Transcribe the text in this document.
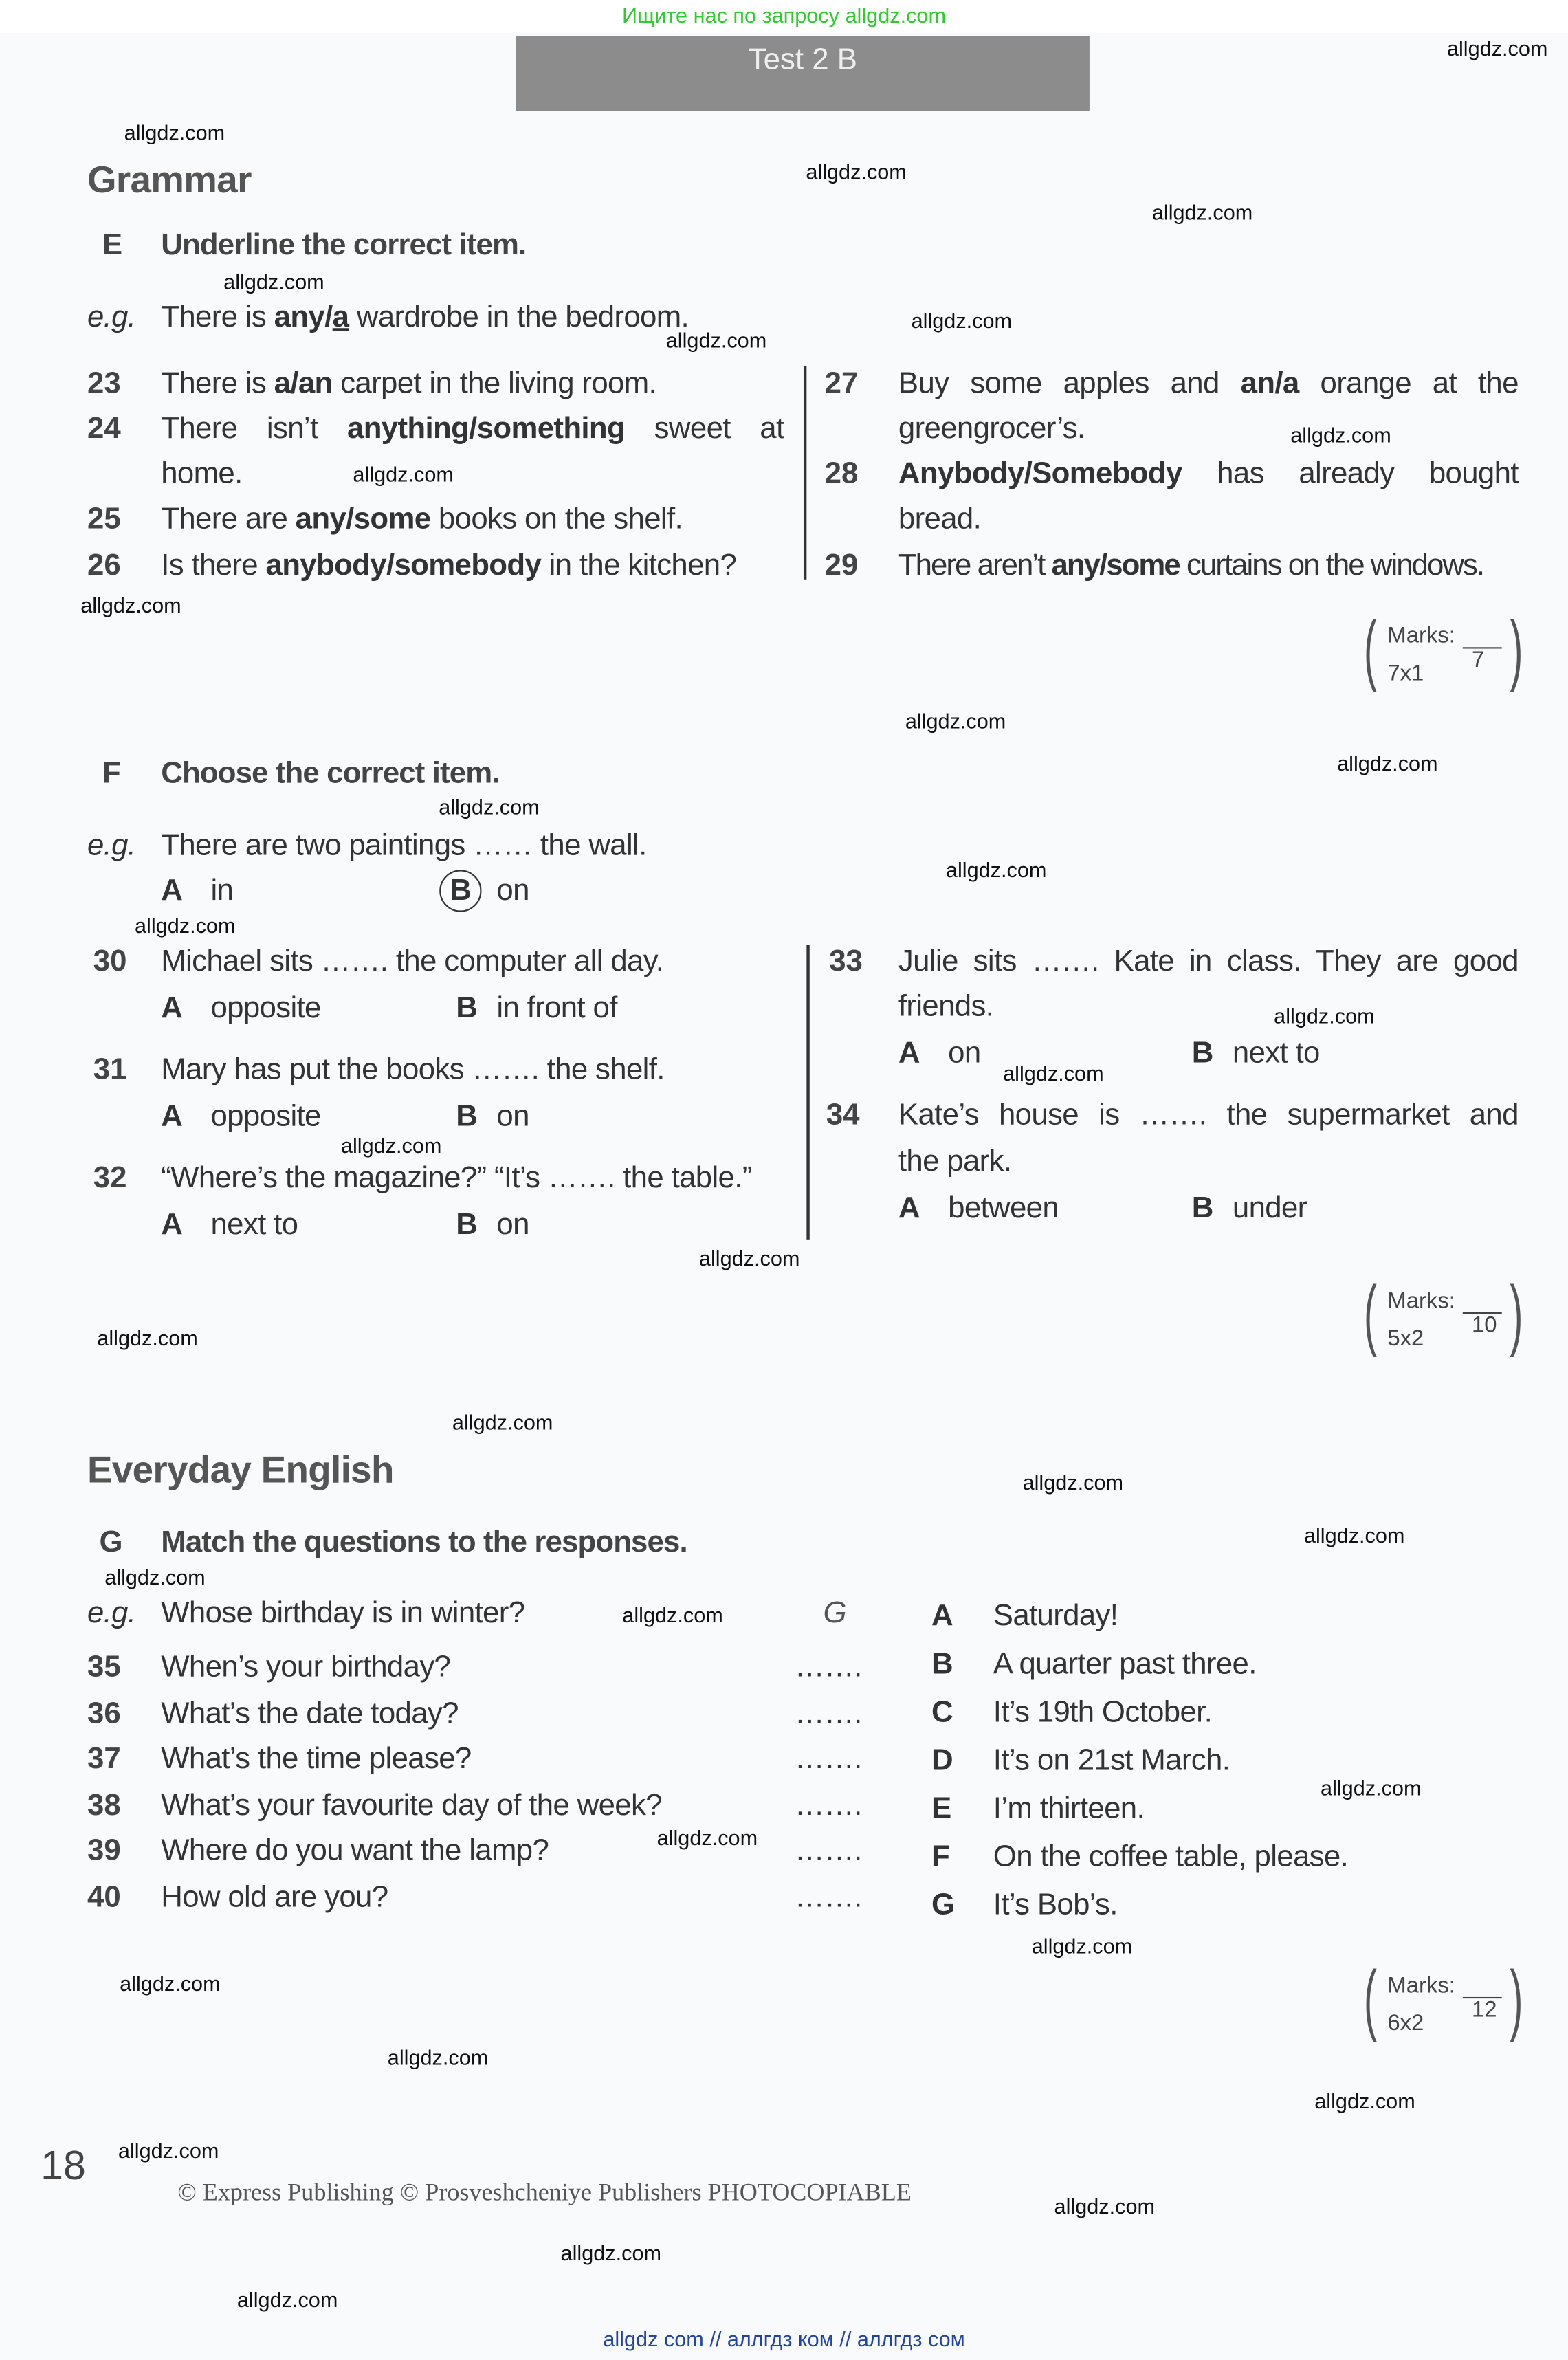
Ищите нас по запросу allgdz.com
Test 2 B
Grammar
E	Underline the correct item.
(	)
Marks:
7x1
7
F	Choose the correct item.
(	)
Marks:
5x2
10
Everyday English
G	Match the questions to the responses.
(	)
Marks:
6x2
12
18
© Express Publishing © Prosveshcheniye Publishers PHOTOCOPIABLE
allgdz com // аллгдз ком // аллгдз сом
e.g. There is any/a wardrobe in the bedroom.
23	There is a/an carpet in the living room.
24	There isn’t anything/something sweet at
home.
25	There are any/some books on the shelf.
26	Is there anybody/somebody in the kitchen?
27	Buy some apples and an/a orange at the
greengrocer’s.
28	Anybody/Somebody has already bought
bread.
29	There aren’t any/some curtains on the windows.
e.g. There are two paintings …… the wall.
A in	B	on
30 Michael sits ……. the computer all day.
A opposite	B in front of
31 Mary has put the books ……. the shelf.
A opposite	B on
32 “Where’s the magazine?” “It’s ……. the table.”
A next to	B on
33	Julie sits ……. Kate in class. They are good
friends.
A on	B next to
34	Kate’s house is ……. the supermarket and
the park.
A between	B under
e.g. Whose birthday is in winter?	G
35	When’s your birthday?	…….
36	What’s the date today?	…….
37	What’s the time please?	…….
38	What’s your favourite day of the week?	…….
39	Where do you want the lamp?	…….
40	How old are you?	…….
A	Saturday!
B	A quarter past three.
C	It’s 19th October.
D	It’s on 21st March.
E	I’m thirteen.
F	On the coffee table, please.
G	It’s Bob’s.
allgdz.com
allgdz.com
allgdz.com
allgdz.com
allgdz.com
allgdz.com
allgdz.com
allgdz.com
allgdz.com
allgdz.com
allgdz.com
allgdz.com
allgdz.com
allgdz.com
allgdz.com
allgdz.com
allgdz.com
allgdz.com
allgdz.com
allgdz.com
allgdz.com
allgdz.com
allgdz.com
allgdz.com
allgdz.com
allgdz.com
allgdz.com
allgdz.com
allgdz.com
allgdz.com
allgdz.com
allgdz.com
allgdz.com
allgdz.com
allgdz.com
